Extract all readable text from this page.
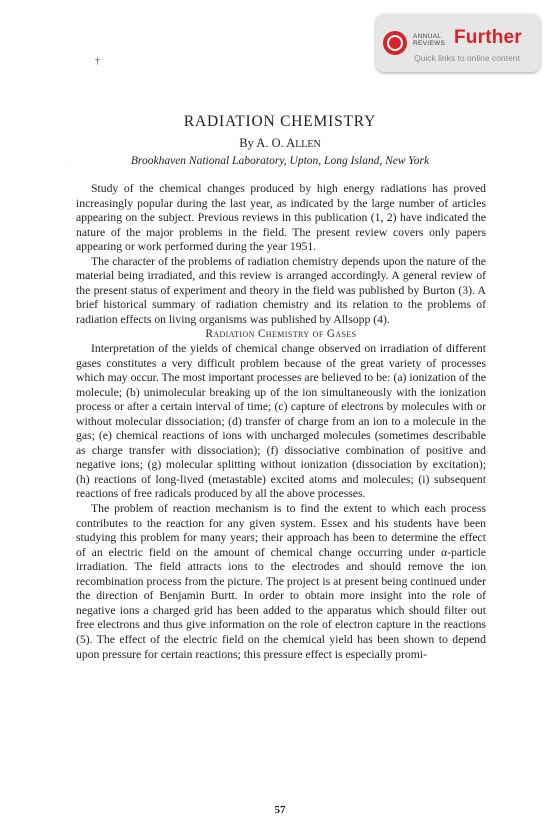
ANNUAL
REVIEWS Further
Quick links to online content
†
·
RADIATION CHEMISTRY
By A. O. ALLEN
Brookhaven National Laboratory, Upton, Long Island, New York

Study of the chemical changes produced by high energy radiations has proved increasingly popular during the last year, as indicated by the large number of articles appearing on the subject. Previous reviews in this publication (1, 2) have indicated the nature of the major problems in the field. The present review covers only papers appearing or work performed during the year 1951.

The character of the problems of radiation chemistry depends upon the nature of the material being irradiated, and this review is arranged accordingly. A general review of the present status of experiment and theory in the field was published by Burton (3). A brief historical summary of radiation chemistry and its relation to the problems of radiation effects on living organisms was published by Allsopp (4).

Radiation Chemistry of Gases

Interpretation of the yields of chemical change observed on irradiation of different gases constitutes a very difficult problem because of the great variety of processes which may occur. The most important processes are believed to be: (a) ionization of the molecule; (b) unimolecular breaking up of the ion simultaneously with the ionization process or after a certain interval of time; (c) capture of electrons by molecules with or without molecular dissociation; (d) transfer of charge from an ion to a molecule in the gas; (e) chemical reactions of ions with uncharged molecules (sometimes describable as charge transfer with dissociation); (f) dissociative combination of positive and negative ions; (g) molecular splitting without ionization (dissociation by excitation); (h) reactions of long-lived (metastable) excited atoms and molecules; (i) subsequent reactions of free radicals produced by all the above processes.

The problem of reaction mechanism is to find the extent to which each process contributes to the reaction for any given system. Essex and his students have been studying this problem for many years; their approach has been to determine the effect of an electric field on the amount of chemical change occurring under α-particle irradiation. The field attracts ions to the electrodes and should remove the ion recombination process from the picture. The project is at present being continued under the direction of Benjamin Burtt. In order to obtain more insight into the role of negative ions a charged grid has been added to the apparatus which should filter out free electrons and thus give information on the role of electron capture in the reactions (5). The effect of the electric field on the chemical yield has been shown to depend upon pressure for certain reactions; this pressure effect is especially promi-

57
